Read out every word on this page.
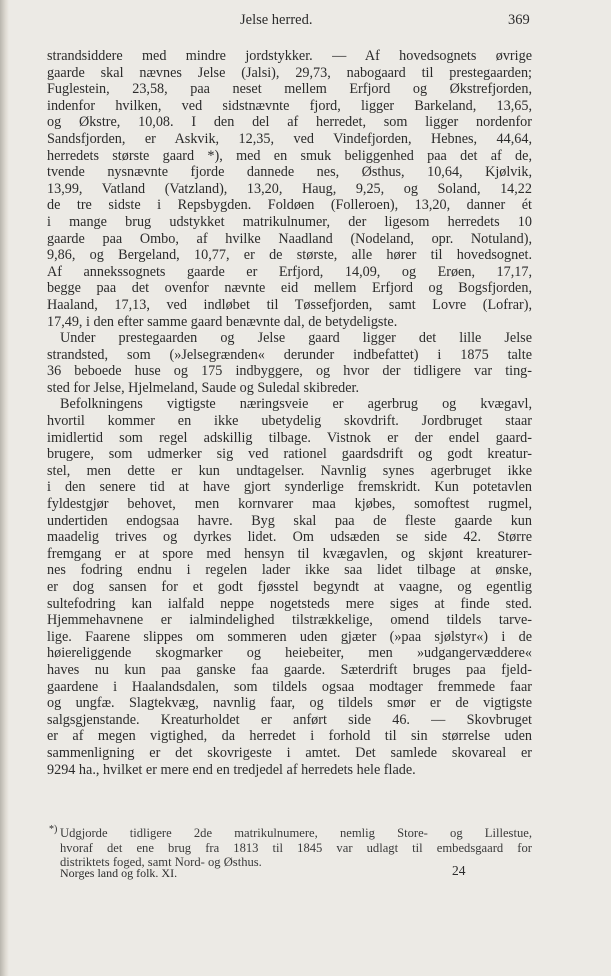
Jelse herred.	369
strandsiddere med mindre jordstykker. — Af hovedsognets øvrige
gaarde skal nævnes Jelse (Jalsi), 29,73, nabogaard til prestegaarden;
Fuglestein, 23,58, paa neset mellem Erfjord og Økstrefjorden,
indenfor hvilken, ved sidstnævnte fjord, ligger Barkeland, 13,65,
og Økstre, 10,08. I den del af herredet, som ligger nordenfor
Sandsfjorden, er Askvik, 12,35, ved Vindefjorden, Hebnes, 44,64,
herredets største gaard *), med en smuk beliggenhed paa det af de,
tvende nysnævnte fjorde dannede nes, Østhus, 10,64, Kjølvik,
13,99, Vatland (Vatzland), 13,20, Haug, 9,25, og Soland, 14,22
de tre sidste i Repsbygden. Foldøen (Folleroen), 13,20, danner ét
i mange brug udstykket matrikulnumer, der ligesom herredets 10
gaarde paa Ombo, af hvilke Naadland (Nodeland, opr. Notuland),
9,86, og Bergeland, 10,77, er de største, alle hører til hovedsognet.
Af annekssognets gaarde er Erfjord, 14,09, og Erøen, 17,17,
begge paa det ovenfor nævnte eid mellem Erfjord og Bogsfjorden,
Haaland, 17,13, ved indløbet til Tøssefjorden, samt Lovre (Lofrar),
17,49, i den efter samme gaard benævnte dal, de betydeligste.
Under prestegaarden og Jelse gaard ligger det lille Jelse
strandsted, som (»Jelsegrænden« derunder indbefattet) i 1875 talte
36 beboede huse og 175 indbyggere, og hvor der tidligere var ting-
sted for Jelse, Hjelmeland, Saude og Suledal skibreder.
Befolkningens vigtigste næringsveie er agerbrug og kvægavl,
hvortil kommer en ikke ubetydelig skovdrift. Jordbruget staar
imidlertid som regel adskillig tilbage. Vistnok er der endel gaard-
brugere, som udmerker sig ved rationel gaardsdrift og godt kreatur-
stel, men dette er kun undtagelser. Navnlig synes agerbruget ikke
i den senere tid at have gjort synderlige fremskridt. Kun potetavlen
fyldestgjør behovet, men kornvarer maa kjøbes, somoftest rugmel,
undertiden endogsaa havre. Byg skal paa de fleste gaarde kun
maadelig trives og dyrkes lidet. Om udsæden se side 42. Større
fremgang er at spore med hensyn til kvægavlen, og skjønt kreaturer-
nes fodring endnu i regelen lader ikke saa lidet tilbage at ønske,
er dog sansen for et godt fjøsstel begyndt at vaagne, og egentlig
sultefodring kan ialfald neppe nogetsteds mere siges at finde sted.
Hjemmehavnene er ialmindelighed tilstrækkelige, omend tildels tarve-
lige. Faarene slippes om sommeren uden gjæter (»paa sjølstyr«) i de
høiereliggende skogmarker og heiebeiter, men »udgangervæddere«
haves nu kun paa ganske faa gaarde. Sæterdrift bruges paa fjeld-
gaardene i Haalandsdalen, som tildels ogsaa modtager fremmede faar
og ungfæ. Slagtekvæg, navnlig faar, og tildels smør er de vigtigste
salgsgjenstande. Kreaturholdet er anført side 46. — Skovbruget
er af megen vigtighed, da herredet i forhold til sin størrelse uden
sammenligning er det skovrigeste i amtet. Det samlede skovareal er
9294 ha., hvilket er mere end en tredjedel af herredets hele flade.
*) Udgjorde tidligere 2de matrikulnumere, nemlig Store- og Lillestue,
hvoraf det ene brug fra 1813 til 1845 var udlagt til embedsgaard for
distriktets foged, samt Nord- og Østhus.
Norges land og folk. XI.	24
